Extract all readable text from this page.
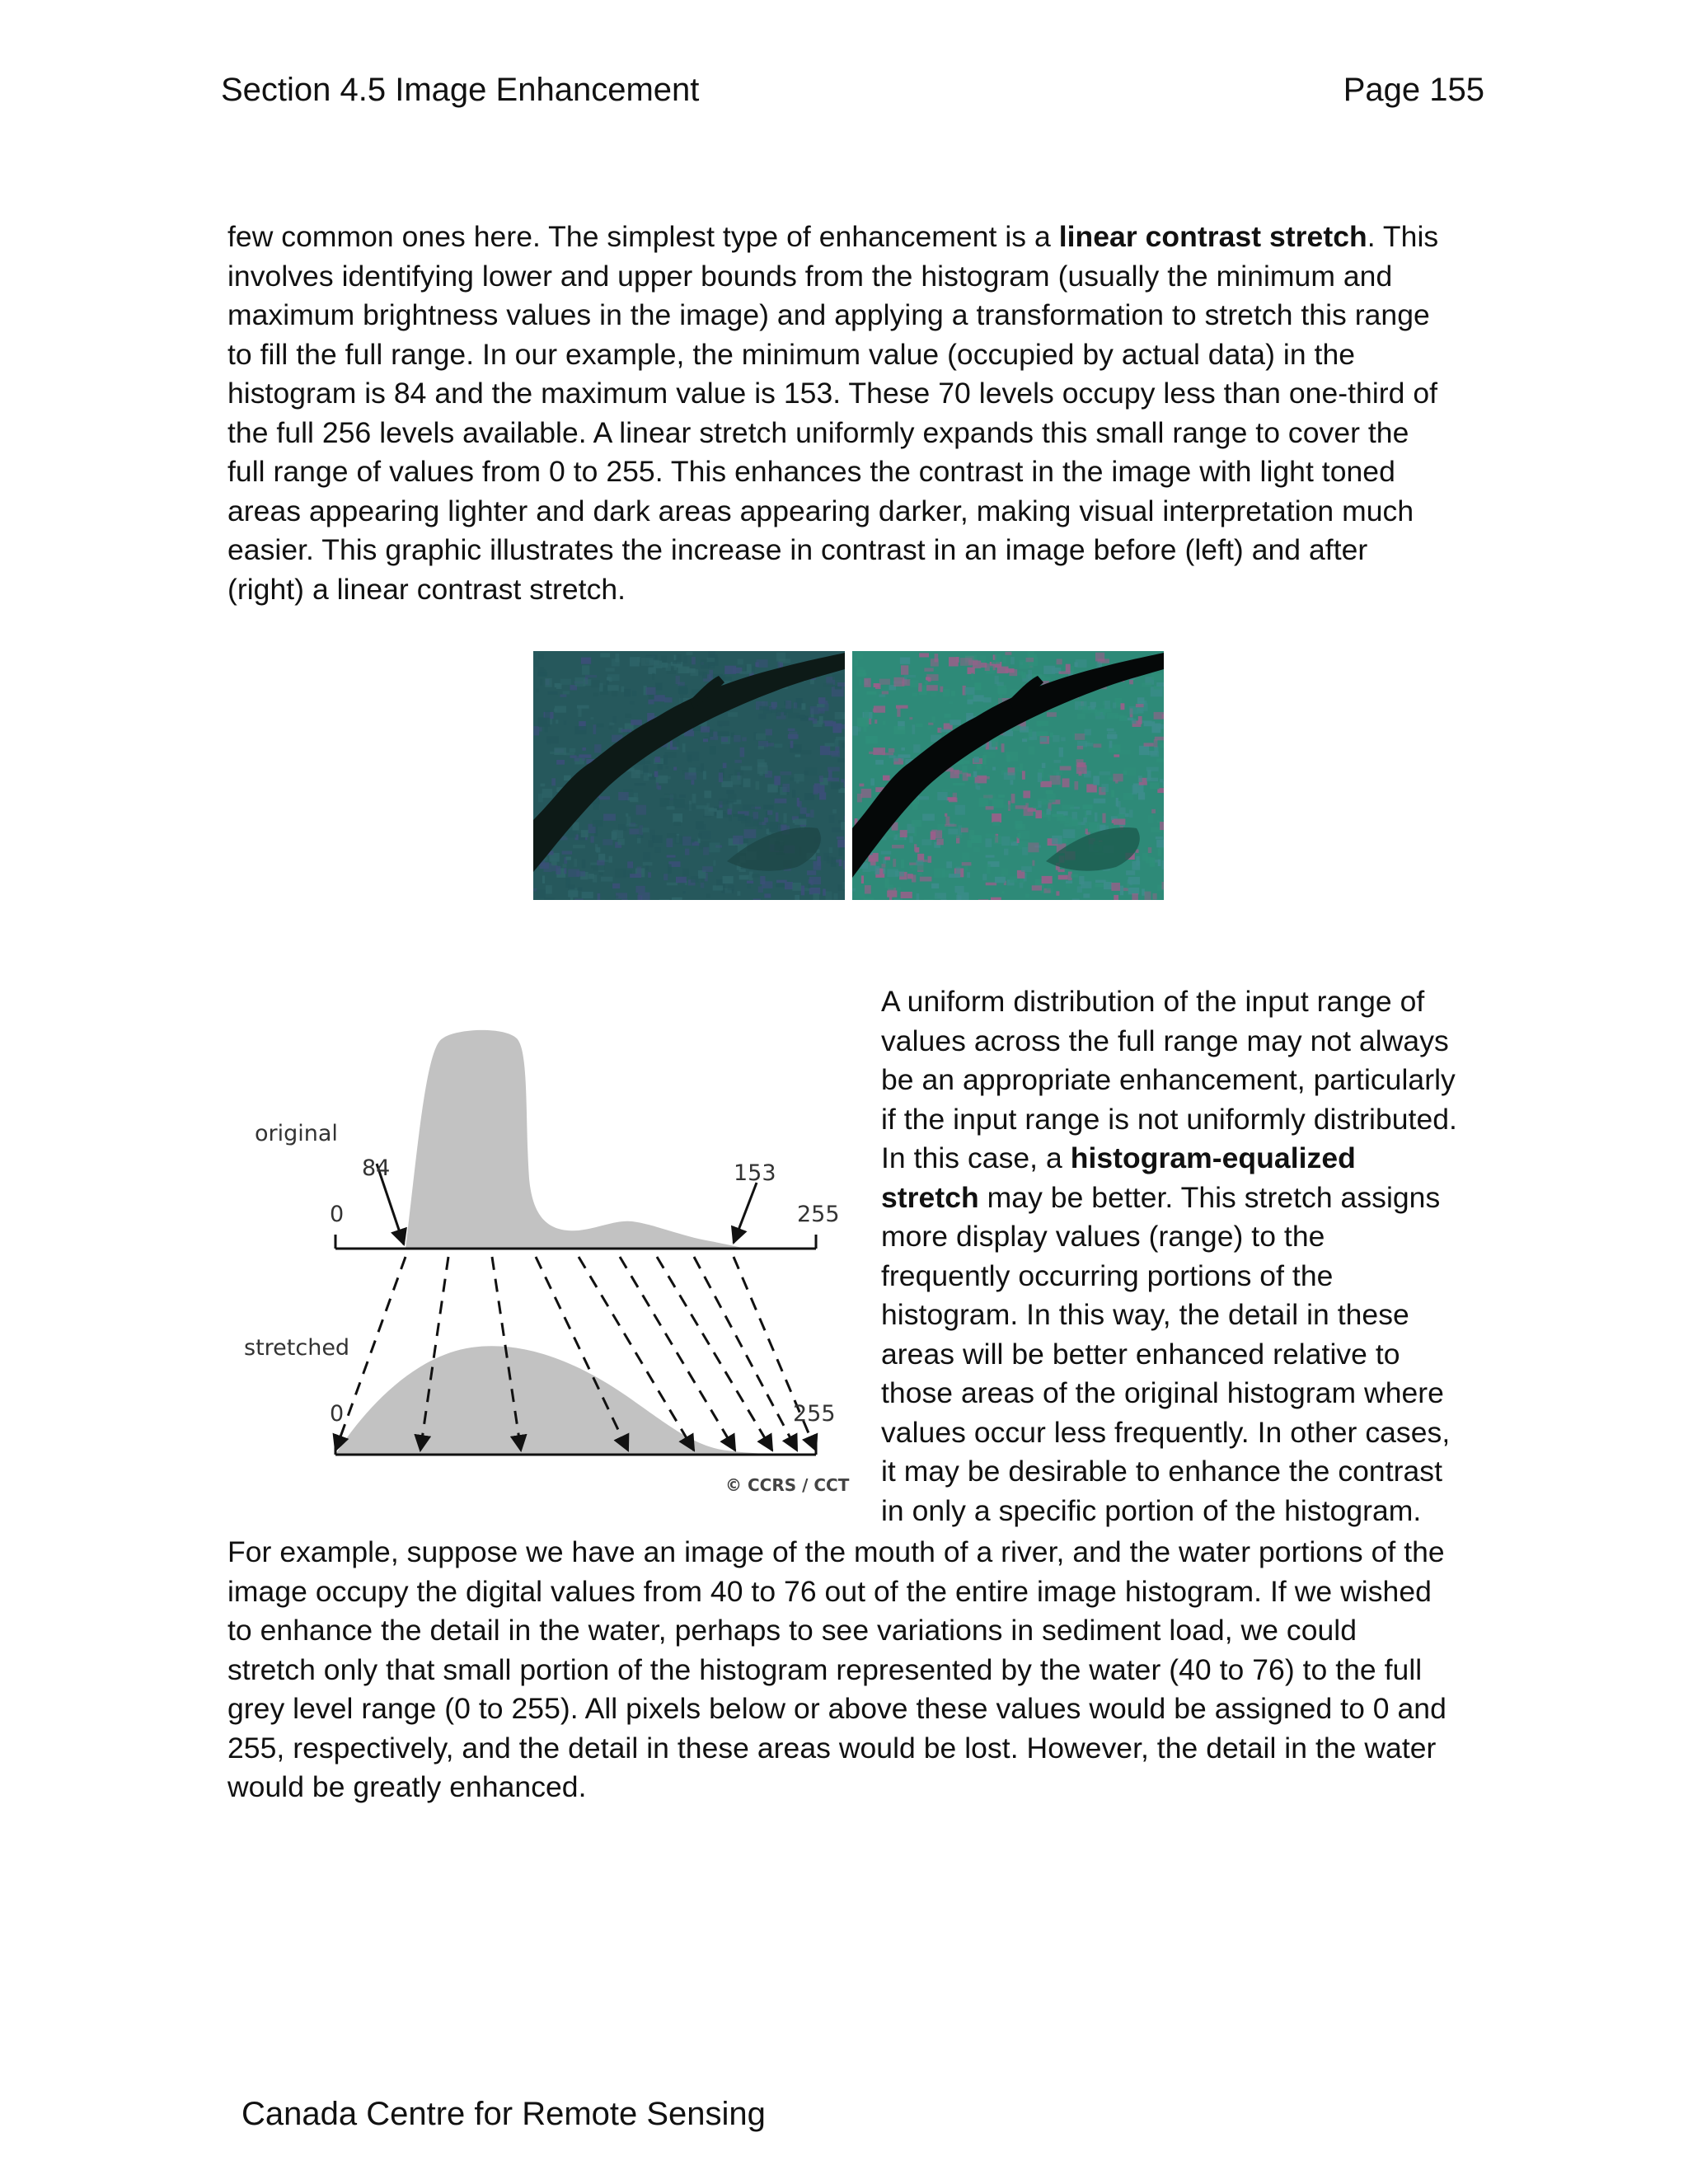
Section 4.5 Image Enhancement	Page 155
few common ones here. The simplest type of enhancement is a linear contrast stretch. This
involves identifying lower and upper bounds from the histogram (usually the minimum and
maximum brightness values in the image) and applying a transformation to stretch this range
to fill the full range. In our example, the minimum value (occupied by actual data) in the
histogram is 84 and the maximum value is 153. These 70 levels occupy less than one-third of
the full 256 levels available. A linear stretch uniformly expands this small range to cover the
full range of values from 0 to 255. This enhances the contrast in the image with light toned
areas appearing lighter and dark areas appearing darker, making visual interpretation much
easier. This graphic illustrates the increase in contrast in an image before (left) and after
(right) a linear contrast stretch.
original
84
0
153
255
stretched
0	255
© CCRS / CCT
A uniform distribution of the input range of
values across the full range may not always
be an appropriate enhancement, particularly
if the input range is not uniformly distributed.
In this case, a histogram-equalized
stretch may be better. This stretch assigns
more display values (range) to the
frequently occurring portions of the
histogram. In this way, the detail in these
areas will be better enhanced relative to
those areas of the original histogram where
values occur less frequently. In other cases,
it may be desirable to enhance the contrast
in only a specific portion of the histogram.
For example, suppose we have an image of the mouth of a river, and the water portions of the
image occupy the digital values from 40 to 76 out of the entire image histogram. If we wished
to enhance the detail in the water, perhaps to see variations in sediment load, we could
stretch only that small portion of the histogram represented by the water (40 to 76) to the full
grey level range (0 to 255). All pixels below or above these values would be assigned to 0 and
255, respectively, and the detail in these areas would be lost. However, the detail in the water
would be greatly enhanced.
Canada Centre for Remote Sensing
